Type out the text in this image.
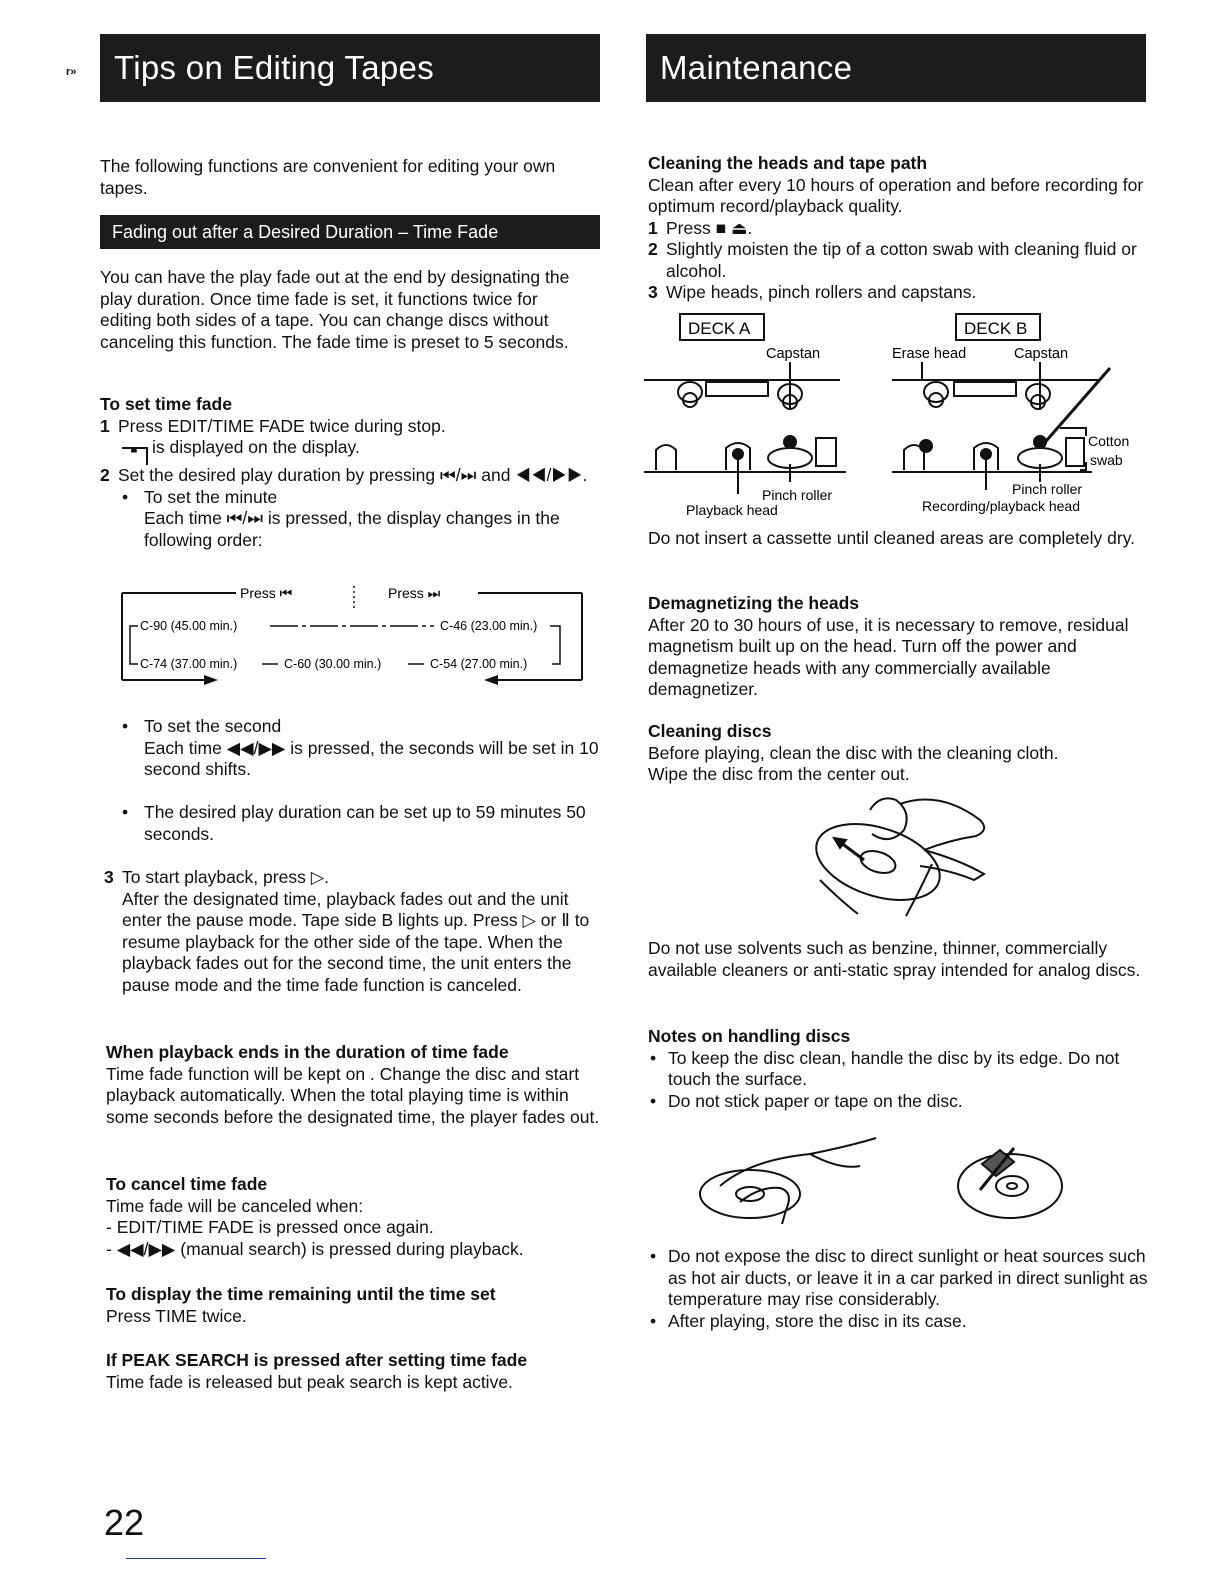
r»	Tips on Editing Tapes	Maintenance
The following functions are convenient for editing your own tapes.
Fading out after a Desired Duration – Time Fade
You can have the play fade out at the end by designating the play duration. Once time fade is set, it functions twice for editing both sides of a tape. You can change discs without canceling this function. The fade time is preset to 5 seconds.

To set time fade

1 Press EDIT/TIME FADE twice during stop.

▀ is displayed on the display.

2 Set the desired play duration by pressing ⏮/⏭ and ◀◀/▶▶.

• To set the minute

Each time ⏮/⏭ is pressed, the display changes in the following order:

Press ⏮	Press ⏭
C-90 (45.00 min.)	C-46 (23.00 min.)
C-74 (37.00 min.)	C-60 (30.00 min.)	C-54 (27.00 min.)

• To set the second

Each time ◀◀/▶▶ is pressed, the seconds will be set in 10 second shifts.

• The desired play duration can be set up to 59 minutes 50 seconds.

3 To start playback, press ▷.

After the designated time, playback fades out and the unit enter the pause mode. Tape side B lights up. Press ▷ or Ⅱ to resume playback for the other side of the tape. When the playback fades out for the second time, the unit enters the pause mode and the time fade function is canceled.

When playback ends in the duration of time fade

Time fade function will be kept on . Change the disc and start playback automatically. When the total playing time is within some seconds before the designated time, the player fades out.

To cancel time fade

Time fade will be canceled when:

- EDIT/TIME FADE is pressed once again.

- ◀◀/▶▶ (manual search) is pressed during playback.

To display the time remaining until the time set

Press TIME twice.

If PEAK SEARCH is pressed after setting time fade

Time fade is released but peak search is kept active.

22

Cleaning the heads and tape path

Clean after every 10 hours of operation and before recording for optimum record/playback quality.

1 Press ■ ⏏.

2 Slightly moisten the tip of a cotton swab with cleaning fluid or alcohol.

3 Wipe heads, pinch rollers and capstans.

DECK A	DECK B
Capstan	Erase head	Capstan
Cotton
swab
Pinch roller
Playback head
Pinch roller
Recording/playback head
Do not insert a cassette until cleaned areas are completely dry.

Demagnetizing the heads

After 20 to 30 hours of use, it is necessary to remove, residual magnetism built up on the head. Turn off the power and demagnetize heads with any commercially available demagnetizer.

Cleaning discs

Before playing, clean the disc with the cleaning cloth.

Wipe the disc from the center out.

Do not use solvents such as benzine, thinner, commercially available cleaners or anti-static spray intended for analog discs.

Notes on handling discs

• To keep the disc clean, handle the disc by its edge. Do not touch the surface.

• Do not stick paper or tape on the disc.

• Do not expose the disc to direct sunlight or heat sources such as hot air ducts, or leave it in a car parked in direct sunlight as temperature may rise considerably.

• After playing, store the disc in its case.
